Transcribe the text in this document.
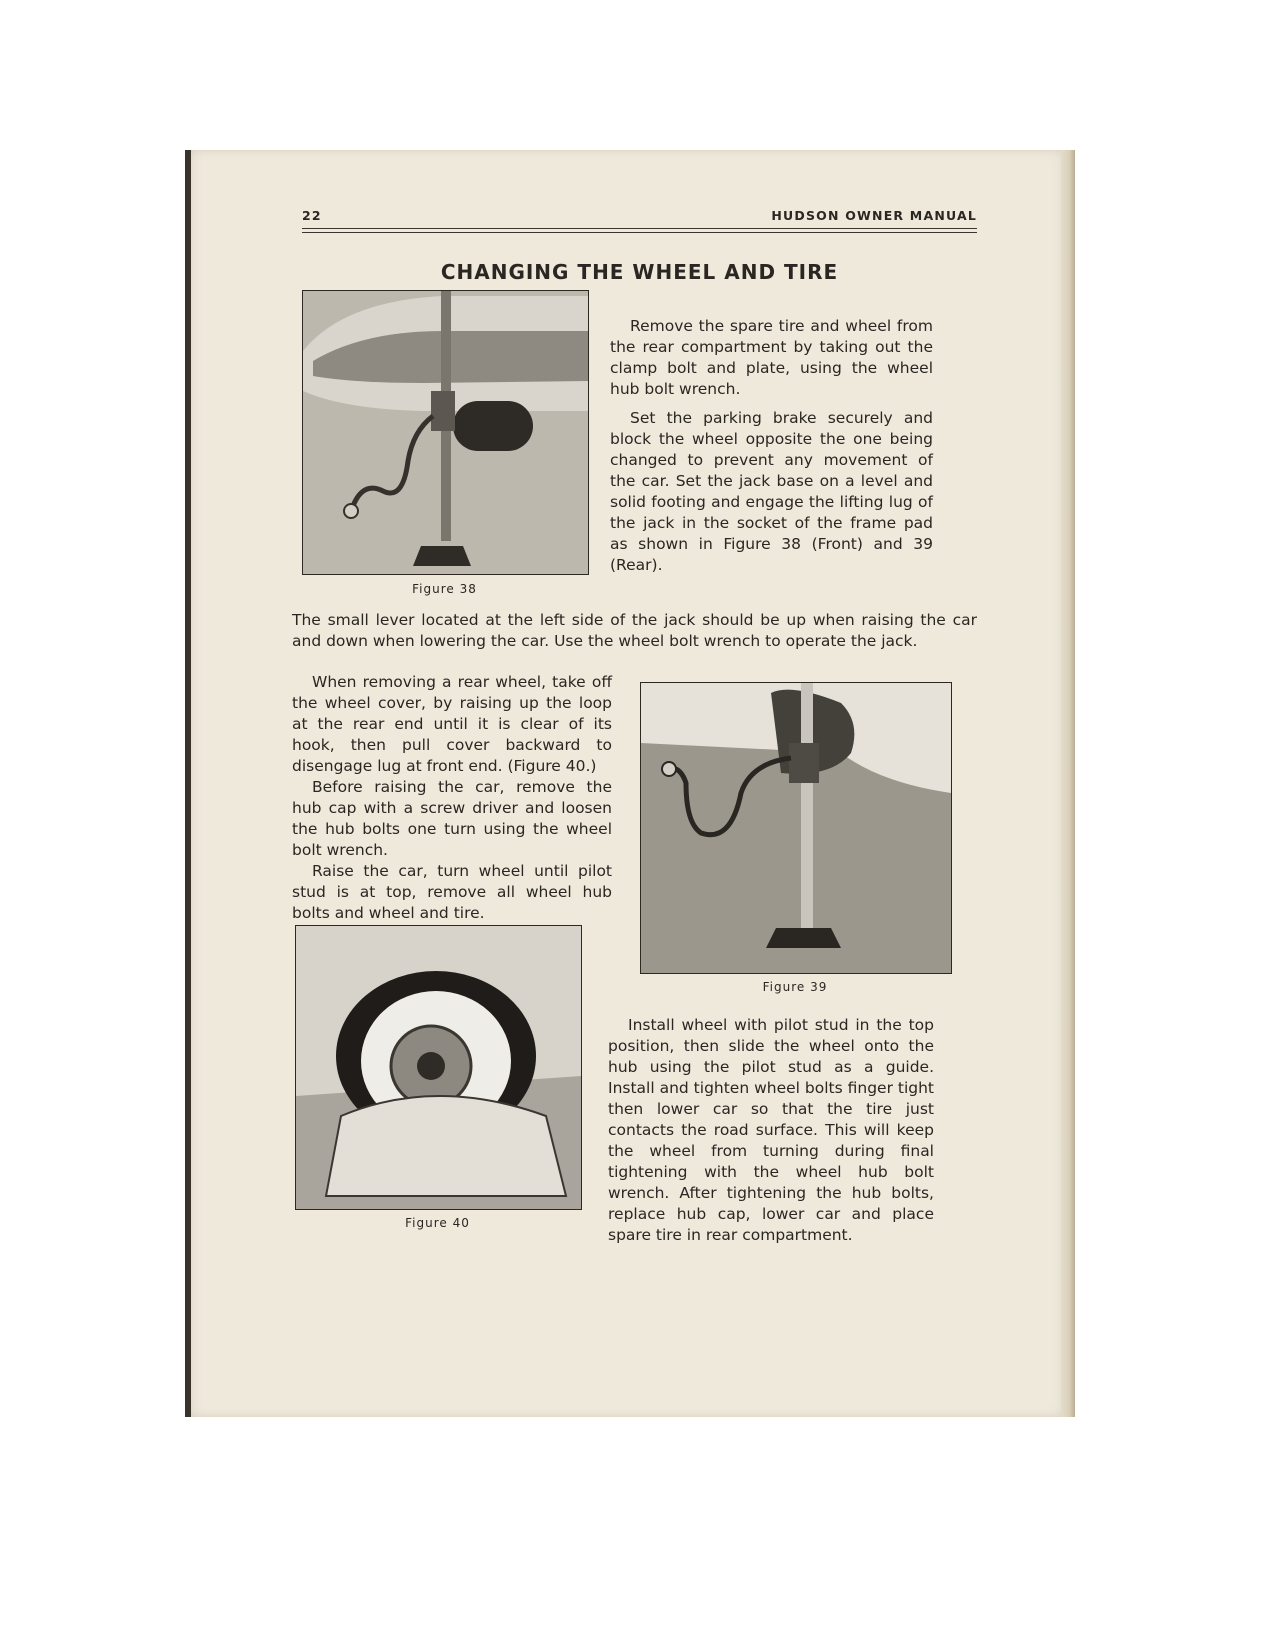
22	HUDSON OWNER MANUAL
CHANGING THE WHEEL AND TIRE
Figure 38

Remove the spare tire and wheel from the rear compartment by taking out the clamp bolt and plate, using the wheel hub bolt wrench.

Set the parking brake securely and block the wheel opposite the one being changed to prevent any movement of the car. Set the jack base on a level and solid footing and engage the lifting lug of the jack in the socket of the frame pad as shown in Figure 38 (Front) and 39 (Rear).

The small lever located at the left side of the jack should be up when raising the car and down when lowering the car. Use the wheel bolt wrench to operate the jack.

When removing a rear wheel, take off the wheel cover, by raising up the loop at the rear end until it is clear of its hook, then pull cover backward to disengage lug at front end. (Figure 40.)

Before raising the car, remove the hub cap with a screw driver and loosen the hub bolts one turn using the wheel bolt wrench.

Raise the car, turn wheel until pilot stud is at top, remove all wheel hub bolts and wheel and tire.

Figure 39
Figure 40

Install wheel with pilot stud in the top position, then slide the wheel onto the hub using the pilot stud as a guide. Install and tighten wheel bolts finger tight then lower car so that the tire just contacts the road surface. This will keep the wheel from turning during final tightening with the wheel hub bolt wrench. After tightening the hub bolts, replace hub cap, lower car and place spare tire in rear compartment.
